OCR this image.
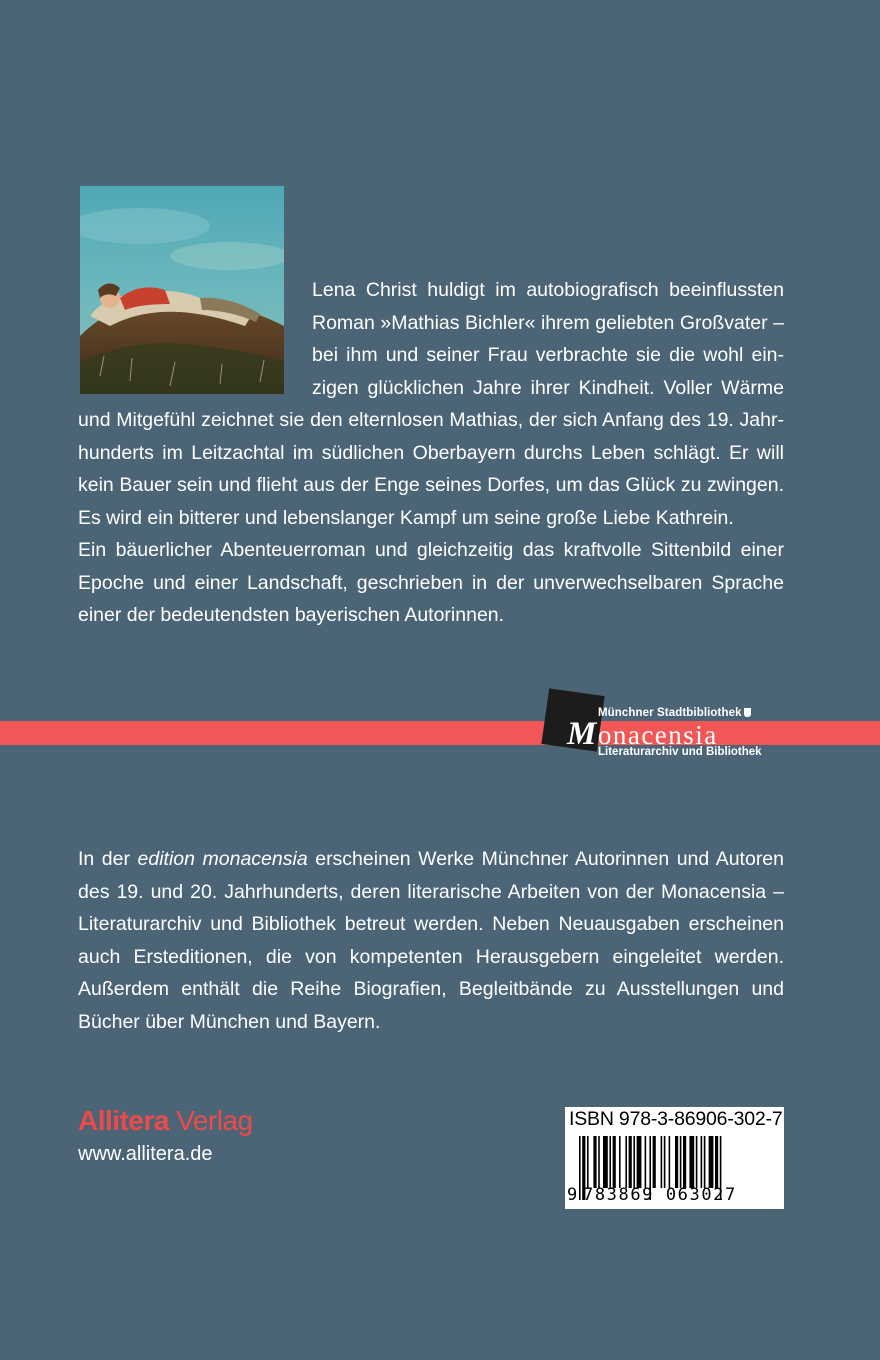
Lena Christ huldigt im autobiografisch beeinflussten Roman »Mathias Bichler« ihrem geliebten Großvater – bei ihm und seiner Frau verbrachte sie die wohl einzigen glücklichen Jahre ihrer Kindheit. Voller Wärme und Mitgefühl zeichnet sie den elternlosen Mathias, der sich Anfang des 19. Jahrhunderts im Leitzachtal im südlichen Oberbayern durchs Leben schlägt. Er will kein Bauer sein und flieht aus der Enge seines Dorfes, um das Glück zu zwingen. Es wird ein bitterer und lebenslanger Kampf um seine große Liebe Kathrein.

Ein bäuerlicher Abenteuerroman und gleichzeitig das kraftvolle Sittenbild einer Epoche und einer Landschaft, geschrieben in der unverwechselbaren Sprache einer der bedeutendsten bayerischen Autorinnen.

Münchner Stadtbibliothek
Monacensia
Literaturarchiv und Bibliothek

In der edition monacensia erscheinen Werke Münchner Autorinnen und Autoren des 19. und 20. Jahrhunderts, deren literarische Arbeiten von der Monacensia – Literaturarchiv und Bibliothek betreut werden. Neben Neuausgaben erscheinen auch Ersteditionen, die von kompetenten Herausgebern eingeleitet werden. Außerdem enthält die Reihe Biografien, Begleitbände zu Ausstellungen und Bücher über München und Bayern.

Allitera Verlag
www.allitera.de
ISBN 978-3-86906-302-7
9 783869 063027
